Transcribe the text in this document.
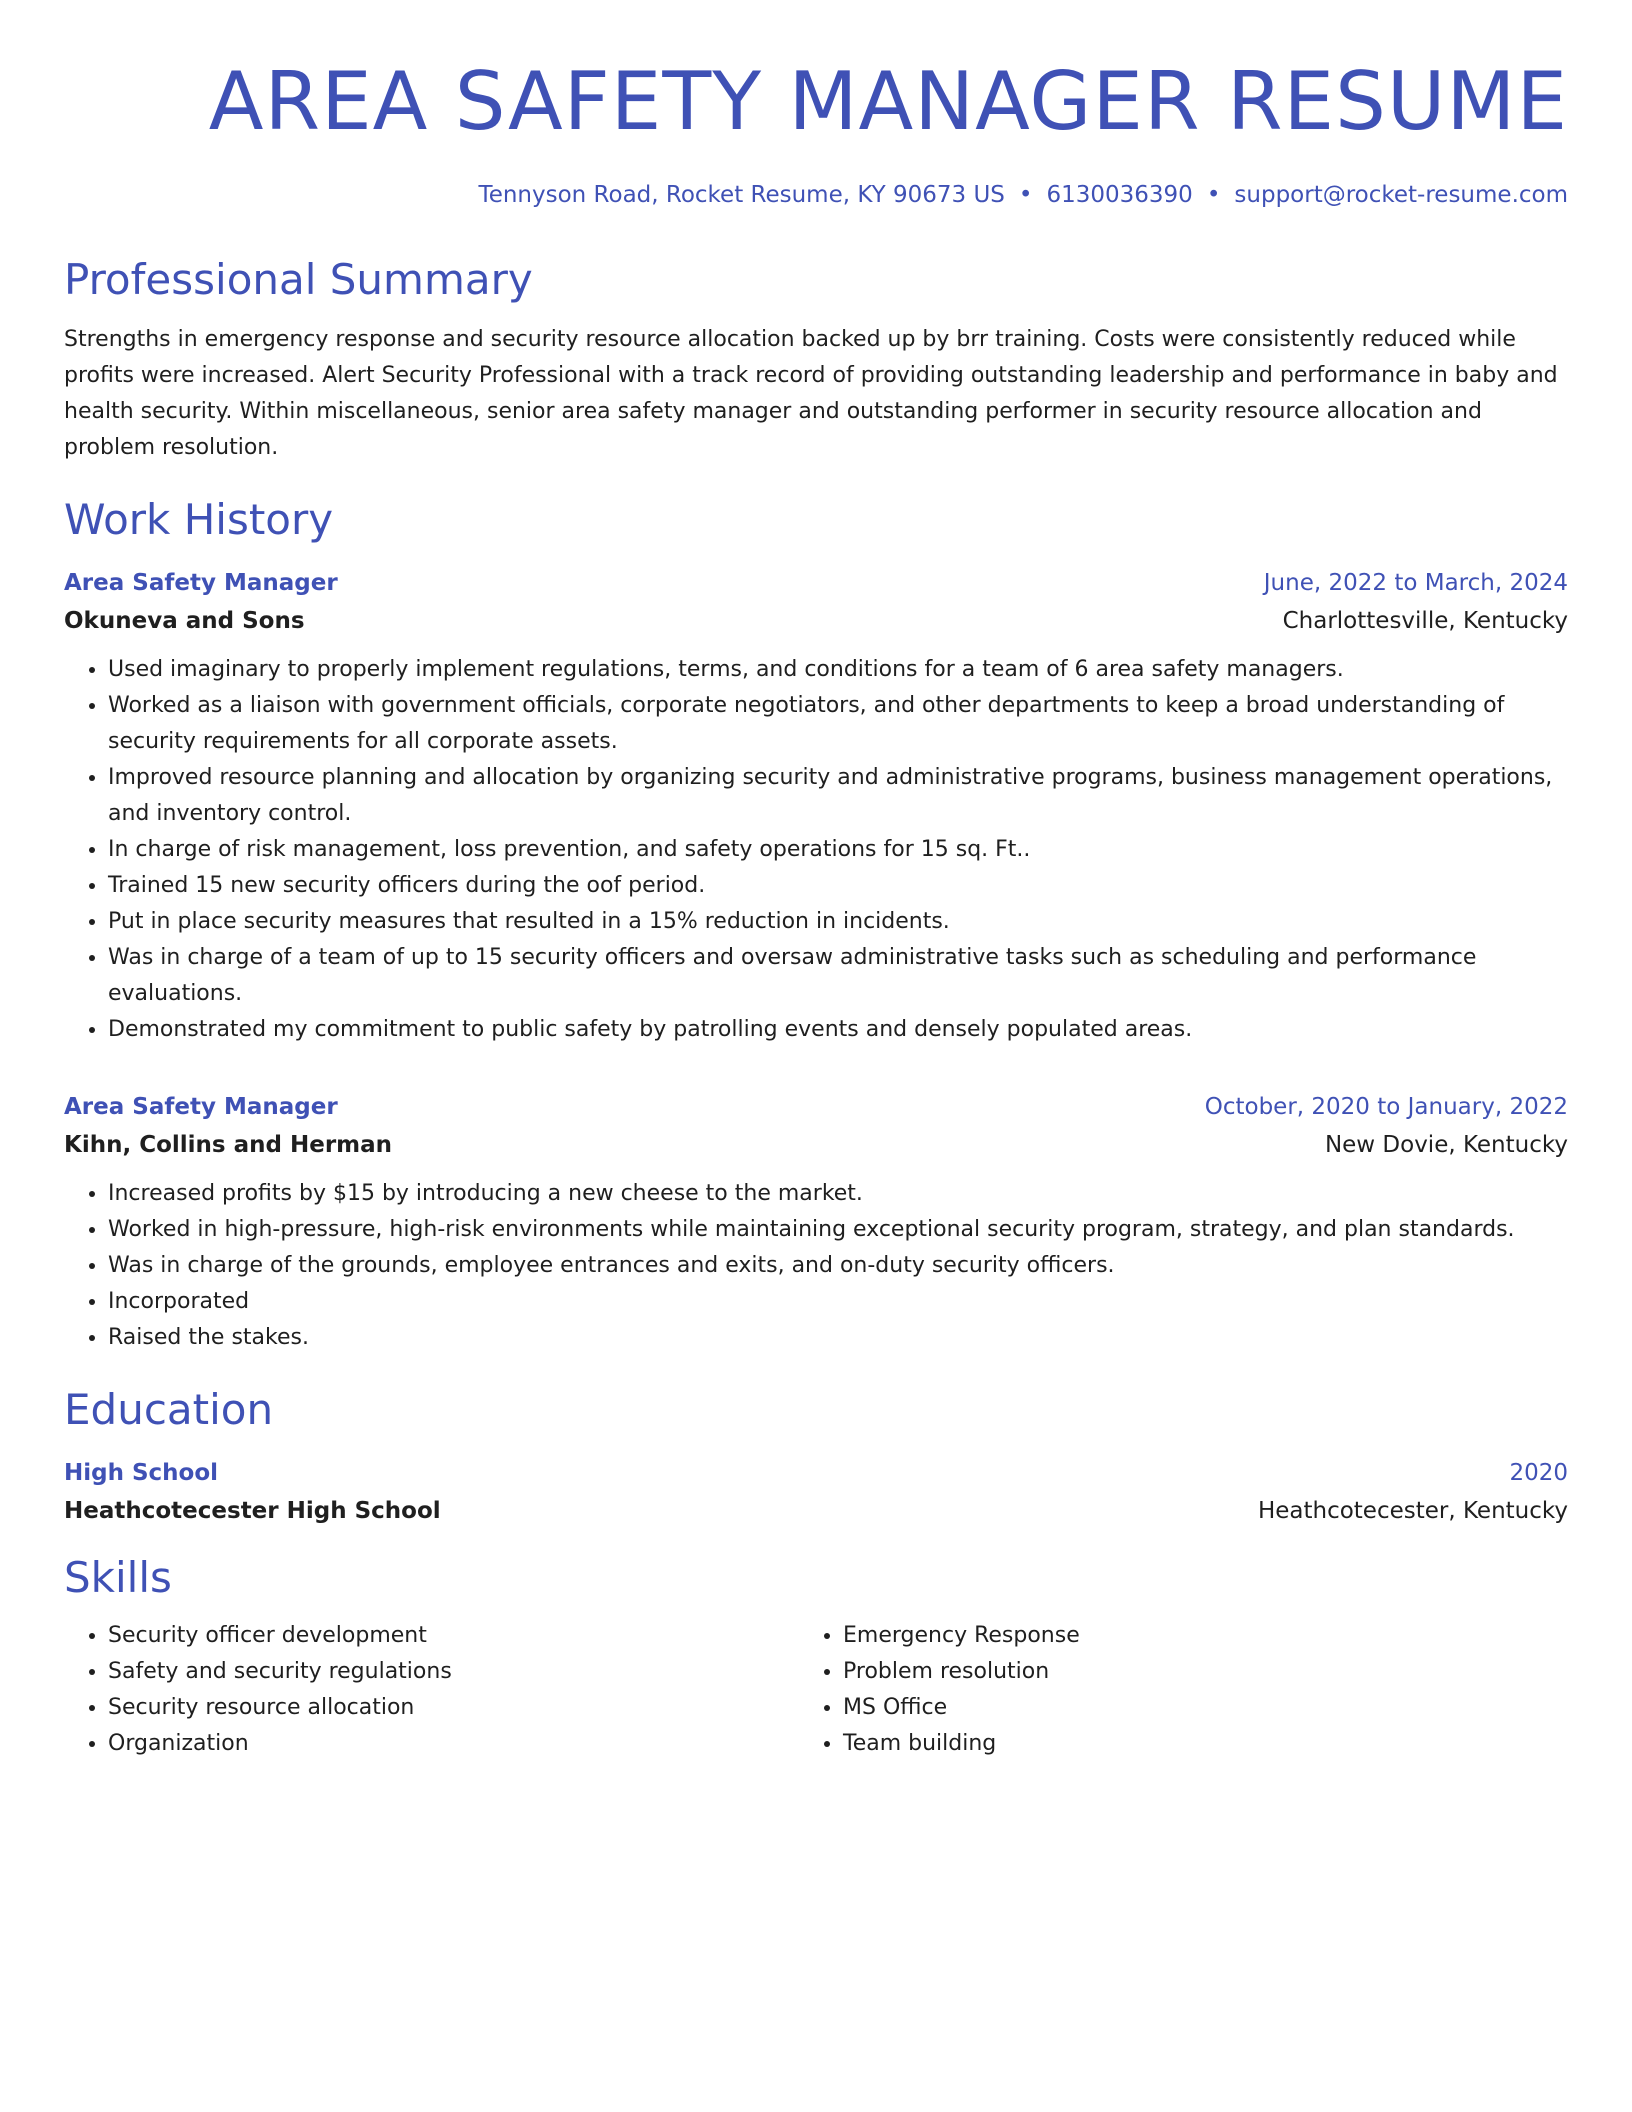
AREA SAFETY MANAGER RESUME
Tennyson Road, Rocket Resume, KY 90673 US • 6130036390 • support@rocket-resume.com
Professional Summary
Strengths in emergency response and security resource allocation backed up by brr training. Costs were consistently reduced while profits were increased. Alert Security Professional with a track record of providing outstanding leadership and performance in baby and health security. Within miscellaneous, senior area safety manager and outstanding performer in security resource allocation and problem resolution.
Work History
Area Safety Manager	June, 2022 to March, 2024
Okuneva and Sons	Charlottesville, Kentucky
• Used imaginary to properly implement regulations, terms, and conditions for a team of 6 area safety managers.
• Worked as a liaison with government officials, corporate negotiators, and other departments to keep a broad understanding of security requirements for all corporate assets.
• Improved resource planning and allocation by organizing security and administrative programs, business management operations, and inventory control.
• In charge of risk management, loss prevention, and safety operations for 15 sq. Ft..
• Trained 15 new security officers during the oof period.
• Put in place security measures that resulted in a 15% reduction in incidents.
• Was in charge of a team of up to 15 security officers and oversaw administrative tasks such as scheduling and performance evaluations.
• Demonstrated my commitment to public safety by patrolling events and densely populated areas.
Area Safety Manager	October, 2020 to January, 2022
Kihn, Collins and Herman	New Dovie, Kentucky
• Increased profits by $15 by introducing a new cheese to the market.
• Worked in high-pressure, high-risk environments while maintaining exceptional security program, strategy, and plan standards.
• Was in charge of the grounds, employee entrances and exits, and on-duty security officers.
• Incorporated
• Raised the stakes.
Education
High School	2020
Heathcotecester High School	Heathcotecester, Kentucky
Skills
• Security officer development
• Safety and security regulations
• Security resource allocation
• Organization
• Emergency Response
• Problem resolution
• MS Office
• Team building
